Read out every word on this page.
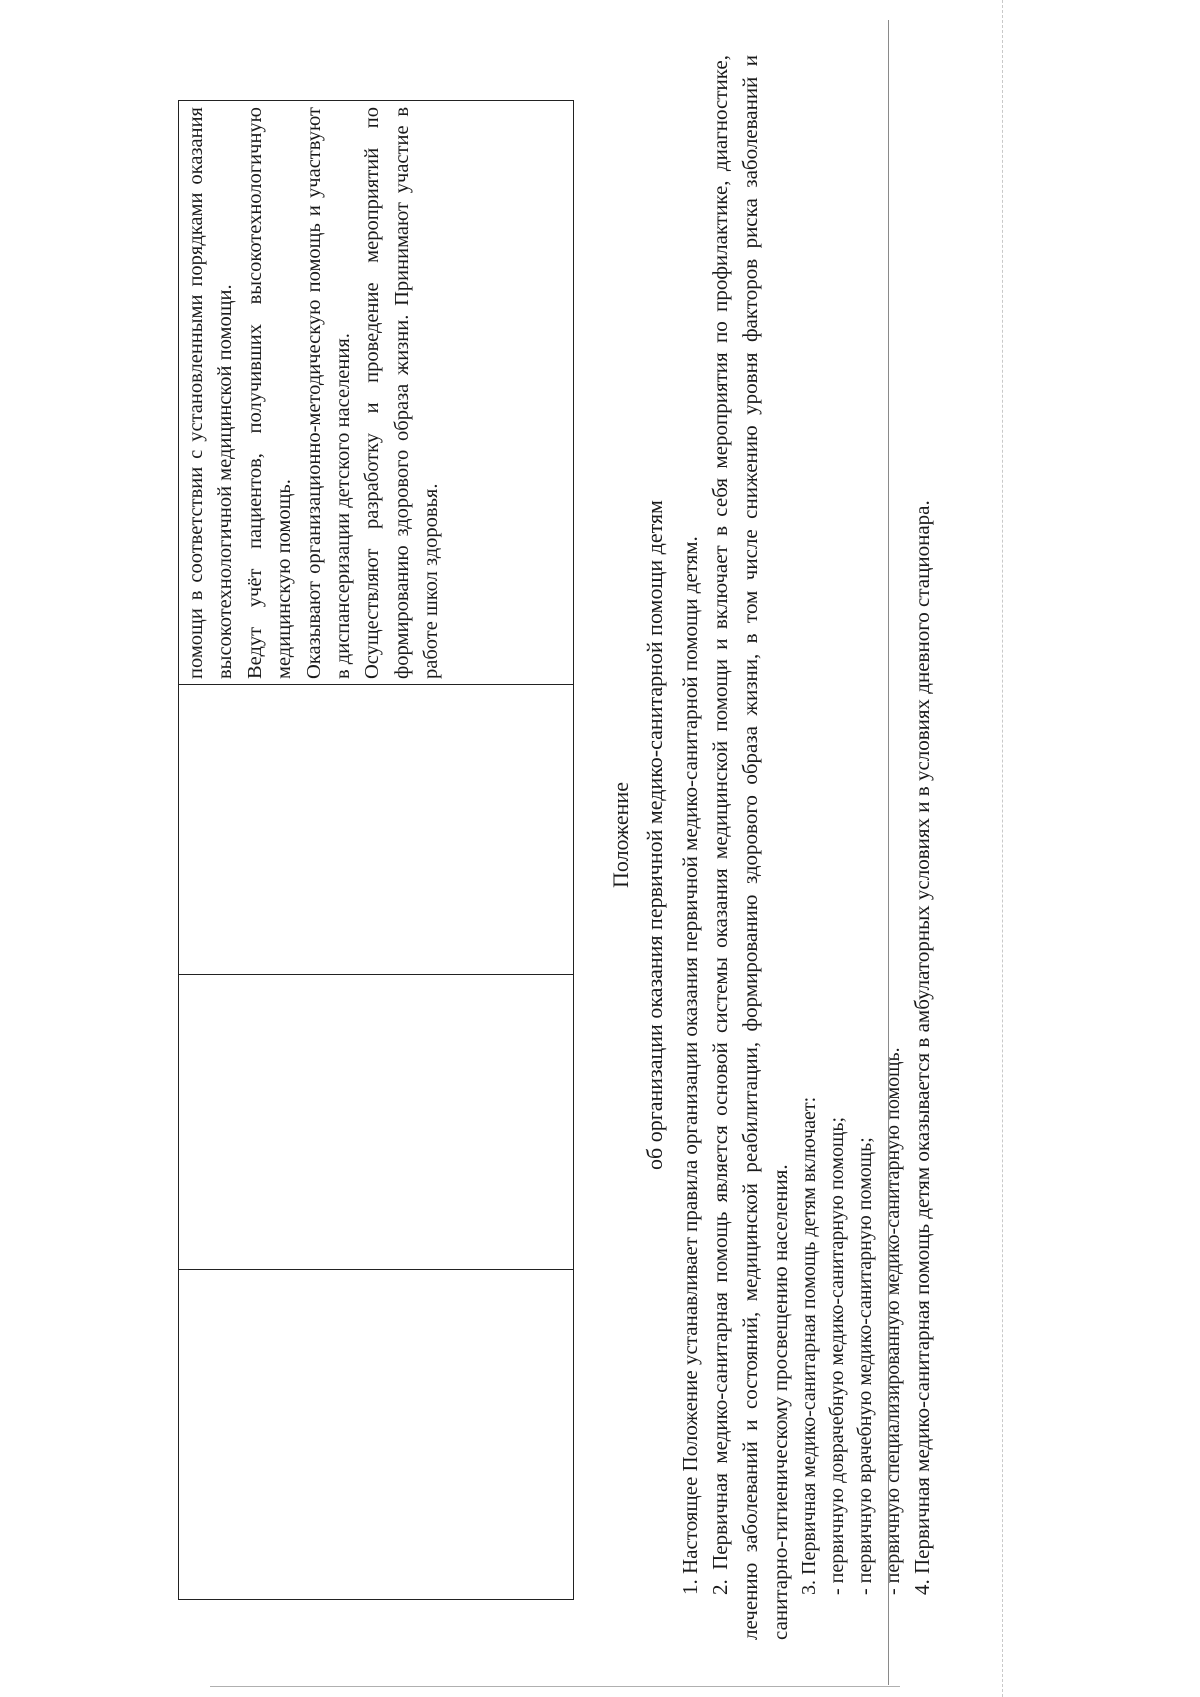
помощи в соответствии с установленными порядками оказания высокотехнологичной медицинской помощи. Ведут учёт пациентов, получивших высокотехнологичную медицинскую помощь. Оказывают организационно-методическую помощь и участвуют в диспансеризации детского населения. Осуществляют разработку и проведение мероприятий по формированию здорового образа жизни. Принимают участие в работе школ здоровья.

Положение об организации оказания первичной медико-санитарной помощи детям 1. Настоящее Положение устанавливает правила организации оказания первичной медико-санитарной помощи детям. 2. Первичная медико-санитарная помощь является основой системы оказания медицинской помощи и включает в себя мероприятия по профилактике, диагностике, лечению заболеваний и состояний, медицинской реабилитации, формированию здорового образа жизни, в том числе снижению уровня факторов риска заболеваний и санитарно-гигиеническому просвещению населения. 3. Первичная медико-санитарная помощь детям включает: - первичную доврачебную медико-санитарную помощь; - первичную врачебную медико-санитарную помощь; - первичную специализированную медико-санитарную помощь. 4. Первичная медико-санитарная помощь детям оказывается в амбулаторных условиях и в условиях дневного стационара.
